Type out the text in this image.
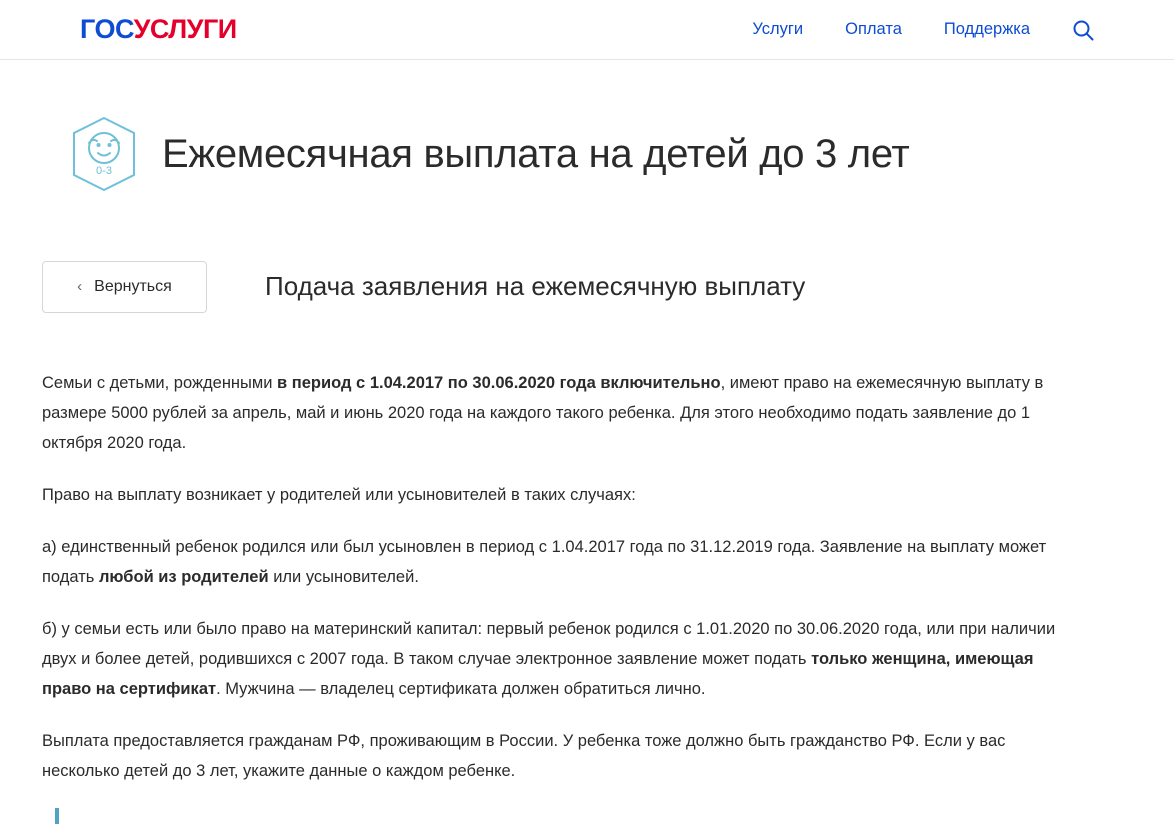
ГОСУСЛУГИ	Услуги	Оплата	Поддержка
0-3 Ежемесячная выплата на детей до 3 лет
‹ Вернуться	Подача заявления на ежемесячную выплату

Семьи с детьми, рожденными в период с 1.04.2017 по 30.06.2020 года включительно, имеют право на ежемесячную выплату в размере 5000 рублей за апрель, май и июнь 2020 года на каждого такого ребенка. Для этого необходимо подать заявление до 1 октября 2020 года.

Право на выплату возникает у родителей или усыновителей в таких случаях:

а) единственный ребенок родился или был усыновлен в период с 1.04.2017 года по 31.12.2019 года. Заявление на выплату может подать любой из родителей или усыновителей.

б) у семьи есть или было право на материнский капитал: первый ребенок родился с 1.01.2020 по 30.06.2020 года, или при наличии двух и более детей, родившихся с 2007 года. В таком случае электронное заявление может подать только женщина, имеющая право на сертификат. Мужчина — владелец сертификата должен обратиться лично.

Выплата предоставляется гражданам РФ, проживающим в России. У ребенка тоже должно быть гражданство РФ. Если у вас несколько детей до 3 лет, укажите данные о каждом ребенке.
